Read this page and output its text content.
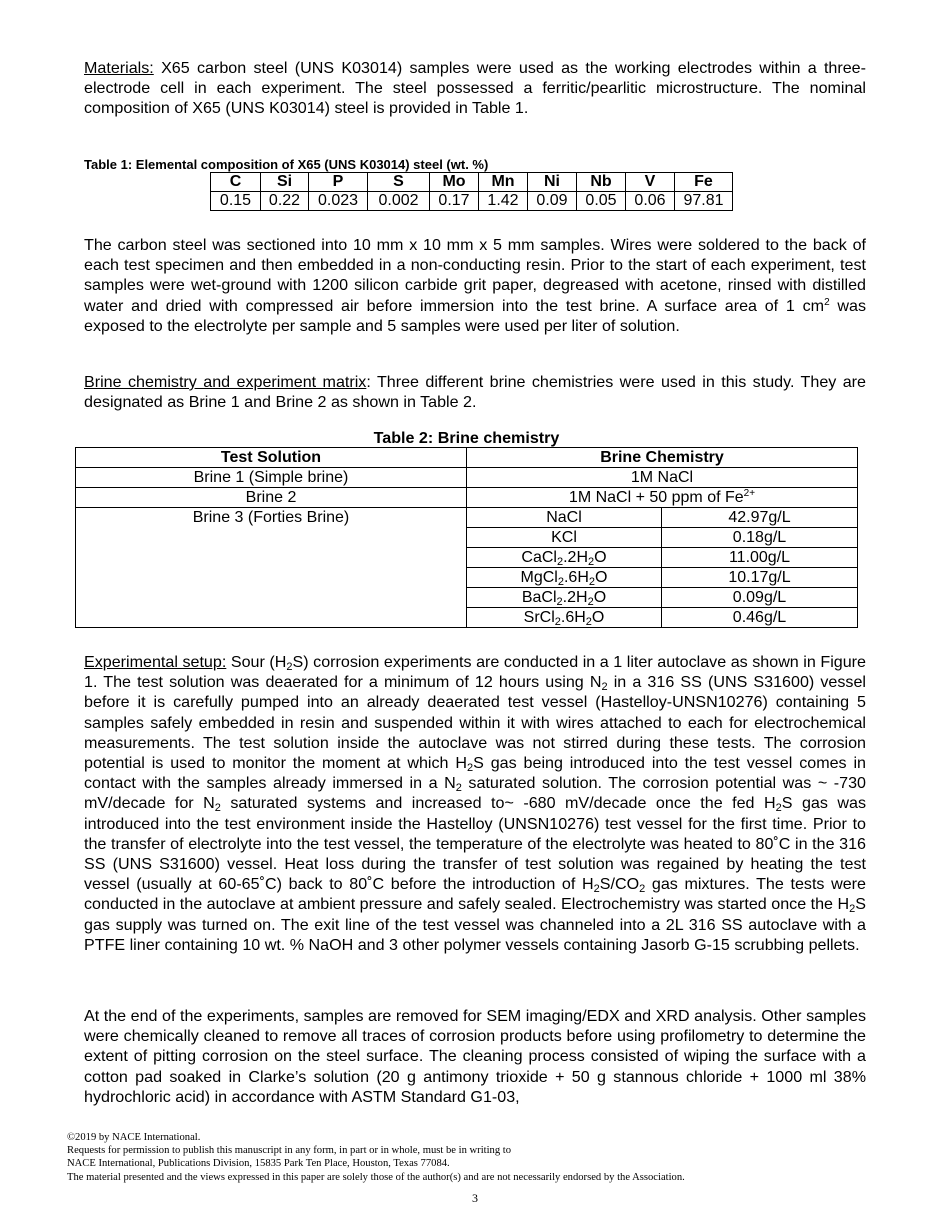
Materials: X65 carbon steel (UNS K03014) samples were used as the working electrodes within a three-electrode cell in each experiment. The steel possessed a ferritic/pearlitic microstructure. The nominal composition of X65 (UNS K03014) steel is provided in Table 1.
Table 1: Elemental composition of X65 (UNS K03014) steel (wt. %)
C	Si	P	S	Mo	Mn	Ni	Nb	V	Fe
0.15	0.22	0.023	0.002	0.17	1.42	0.09	0.05	0.06	97.81
The carbon steel was sectioned into 10 mm x 10 mm x 5 mm samples. Wires were soldered to the back of each test specimen and then embedded in a non-conducting resin. Prior to the start of each experiment, test samples were wet-ground with 1200 silicon carbide grit paper, degreased with acetone, rinsed with distilled water and dried with compressed air before immersion into the test brine. A surface area of 1 $cm^2$ was exposed to the electrolyte per sample and 5 samples were used per liter of solution.
Brine chemistry and experiment matrix: Three different brine chemistries were used in this study. They are designated as Brine 1 and Brine 2 as shown in Table 2.
Table 2: Brine chemistry
Test Solution	Brine Chemistry	
Brine 1 (Simple brine)	1M NaCl	
Brine 2	1M NaCl + 50 ppm of $Fe^{2+}$
Brine 3 (Forties Brine)	NaCl	42.97g/L
	KCl	0.18g/L
	$CaCl_2.2H_2O$	11.00g/L
	$MgCl_2.6H_2O$	10.17g/L
	$BaCl_2.2H_2O$	0.09g/L
	$SrCl_2.6H_2O$	0.46g/L
Experimental setup: Sour $(H_2S)$ corrosion experiments are conducted in a 1 liter autoclave as shown in Figure 1. The test solution was deaerated for a minimum of 12 hours using $N_2$ in a 316 SS (UNS S31600) vessel before it is carefully pumped into an already deaerated test vessel (Hastelloy-UNSN10276) containing 5 samples safely embedded in resin and suspended within it with wires attached to each for electrochemical measurements. The test solution inside the autoclave was not stirred during these tests. The corrosion potential is used to monitor the moment at which $H_2S$ gas being introduced into the test vessel comes in contact with the samples already immersed in a $N_2$ saturated solution. The corrosion potential was ~ -730 mV/decade for $N_2$ saturated systems and increased to~ -680 mV/decade once the fed $H_2S$ gas was introduced into the test environment inside the Hastelloy (UNSN10276) test vessel for the first time. Prior to the transfer of electrolyte into the test vessel, the temperature of the electrolyte was heated to 80˚C in the 316 SS (UNS S31600) vessel. Heat loss during the transfer of test solution was regained by heating the test vessel (usually at 60-65˚C) back to 80˚C before the introduction of $H_2S/CO_2$ gas mixtures. The tests were conducted in the autoclave at ambient pressure and safely sealed. Electrochemistry was started once the $H_2S$ gas supply was turned on. The exit line of the test vessel was channeled into a 2L 316 SS autoclave with a PTFE liner containing 10 wt. % NaOH and 3 other polymer vessels containing Jasorb G-15 scrubbing pellets.
At the end of the experiments, samples are removed for SEM imaging/EDX and XRD analysis. Other samples were chemically cleaned to remove all traces of corrosion products before using profilometry to determine the extent of pitting corrosion on the steel surface. The cleaning process consisted of wiping the surface with a cotton pad soaked in Clarke’s solution (20 g antimony trioxide + 50 g stannous chloride + 1000 ml 38% hydrochloric acid) in accordance with ASTM Standard G1-03,
©2019 by NACE International.
Requests for permission to publish this manuscript in any form, in part or in whole, must be in writing to
NACE International, Publications Division, 15835 Park Ten Place, Houston, Texas 77084.
The material presented and the views expressed in this paper are solely those of the author(s) and are not necessarily endorsed by the Association.
3
